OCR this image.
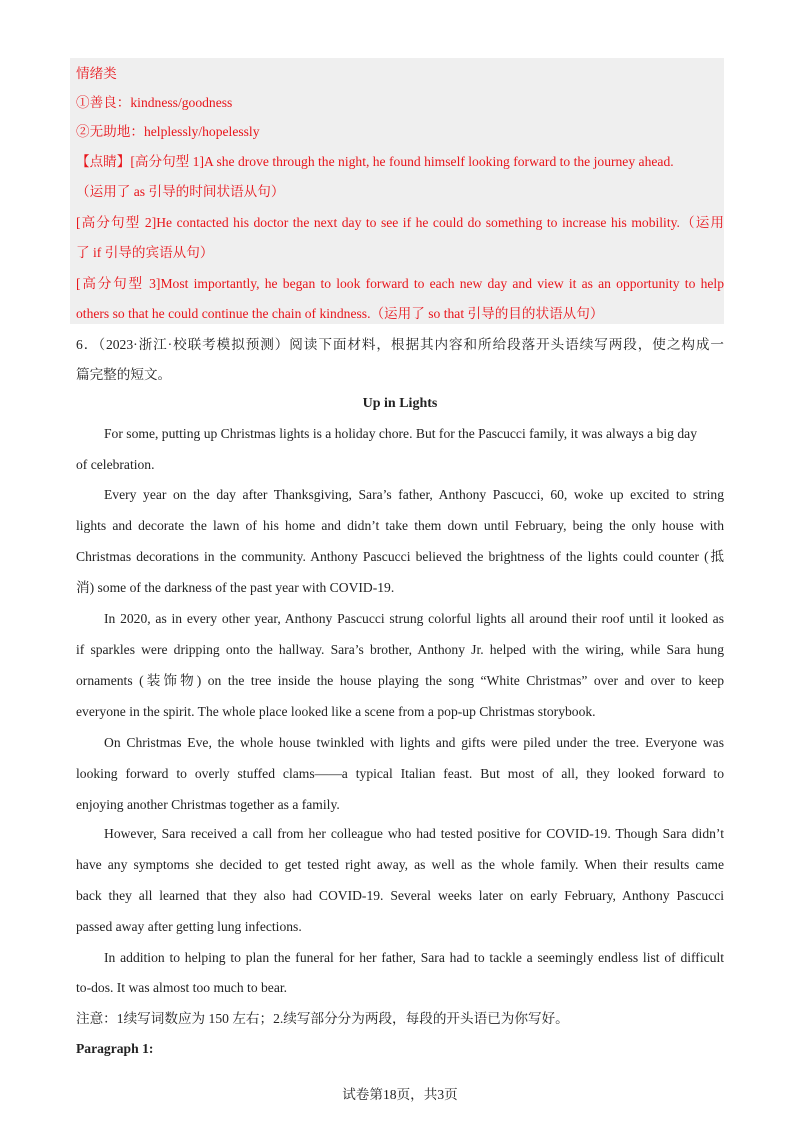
情绪类
①善良：kindness/goodness
②无助地：helplessly/hopelessly
【点睛】[高分句型 1]A she drove through the night, he found himself looking forward to the journey ahead.
（运用了 as 引导的时间状语从句）
[高分句型 2]He contacted his doctor the next day to see if he could do something to increase his mobility.（运用
了 if 引导的宾语从句）
[高分句型 3]Most importantly, he began to look forward to each new day and view it as an opportunity to help
others so that he could continue the chain of kindness.（运用了 so that 引导的目的状语从句）
6．（2023·浙江·校联考模拟预测）阅读下面材料，根据其内容和所给段落开头语续写两段，使之构成一
篇完整的短文。
Up in Lights
For some, putting up Christmas lights is a holiday chore. But for the Pascucci family, it was always a big day
of celebration.
Every year on the day after Thanksgiving, Sara’s father, Anthony Pascucci, 60, woke up excited to string
lights and decorate the lawn of his home and didn’t take them down until February, being the only house with
Christmas decorations in the community. Anthony Pascucci believed the brightness of the lights could counter (抵
消) some of the darkness of the past year with COVID-19.
In 2020, as in every other year, Anthony Pascucci strung colorful lights all around their roof until it looked as
if sparkles were dripping onto the hallway. Sara’s brother, Anthony Jr. helped with the wiring, while Sara hung
ornaments (装饰物) on the tree inside the house playing the song “White Christmas” over and over to keep
everyone in the spirit. The whole place looked like a scene from a pop-up Christmas storybook.
On Christmas Eve, the whole house twinkled with lights and gifts were piled under the tree. Everyone was
looking forward to overly stuffed clams——a typical Italian feast. But most of all, they looked forward to
enjoying another Christmas together as a family.
However, Sara received a call from her colleague who had tested positive for COVID-19. Though Sara didn’t
have any symptoms she decided to get tested right away, as well as the whole family. When their results came
back they all learned that they also had COVID-19. Several weeks later on early February, Anthony Pascucci
passed away after getting lung infections.
In addition to helping to plan the funeral for her father, Sara had to tackle a seemingly endless list of difficult
to-dos. It was almost too much to bear.
注意：1续写词数应为 150 左右；2.续写部分分为两段，每段的开头语已为你写好。
Paragraph 1:
试卷第18页，共3页
